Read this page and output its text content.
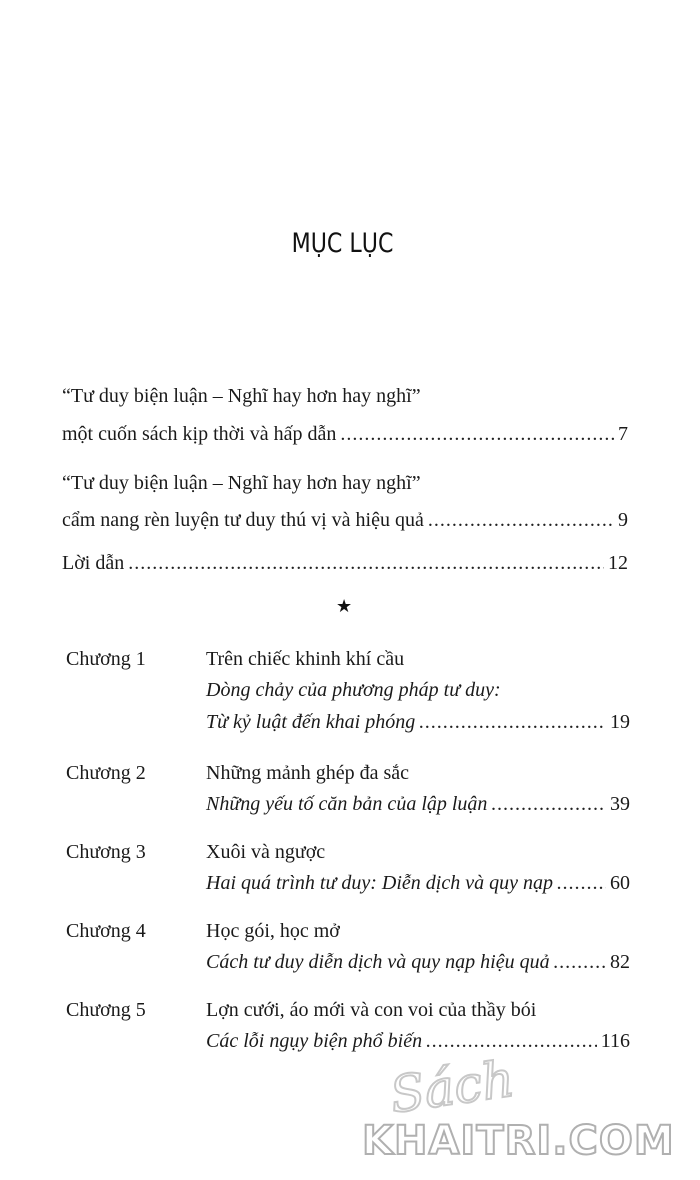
MỤC LỤC
“Tư duy biện luận – Nghĩ hay hơn hay nghĩ”
một cuốn sách kịp thời và hấp dẫn .....	7
“Tư duy biện luận – Nghĩ hay hơn hay nghĩ”
cẩm nang rèn luyện tư duy thú vị và hiệu quả .....	9
Lời dẫn .....	12
★
Chương 1	Trên chiếc khinh khí cầu
Dòng chảy của phương pháp tư duy:
Từ kỷ luật đến khai phóng .....	19
Chương 2	Những mảnh ghép đa sắc
Những yếu tố căn bản của lập luận .....	39
Chương 3	Xuôi và ngược
Hai quá trình tư duy: Diễn dịch và quy nạp .....	60
Chương 4	Học gói, học mở
Cách tư duy diễn dịch và quy nạp hiệu quả .....	82
Chương 5	Lợn cưới, áo mới và con voi của thầy bói
Các lỗi ngụy biện phổ biến .....	116
Sách
KHAITRI.COM
